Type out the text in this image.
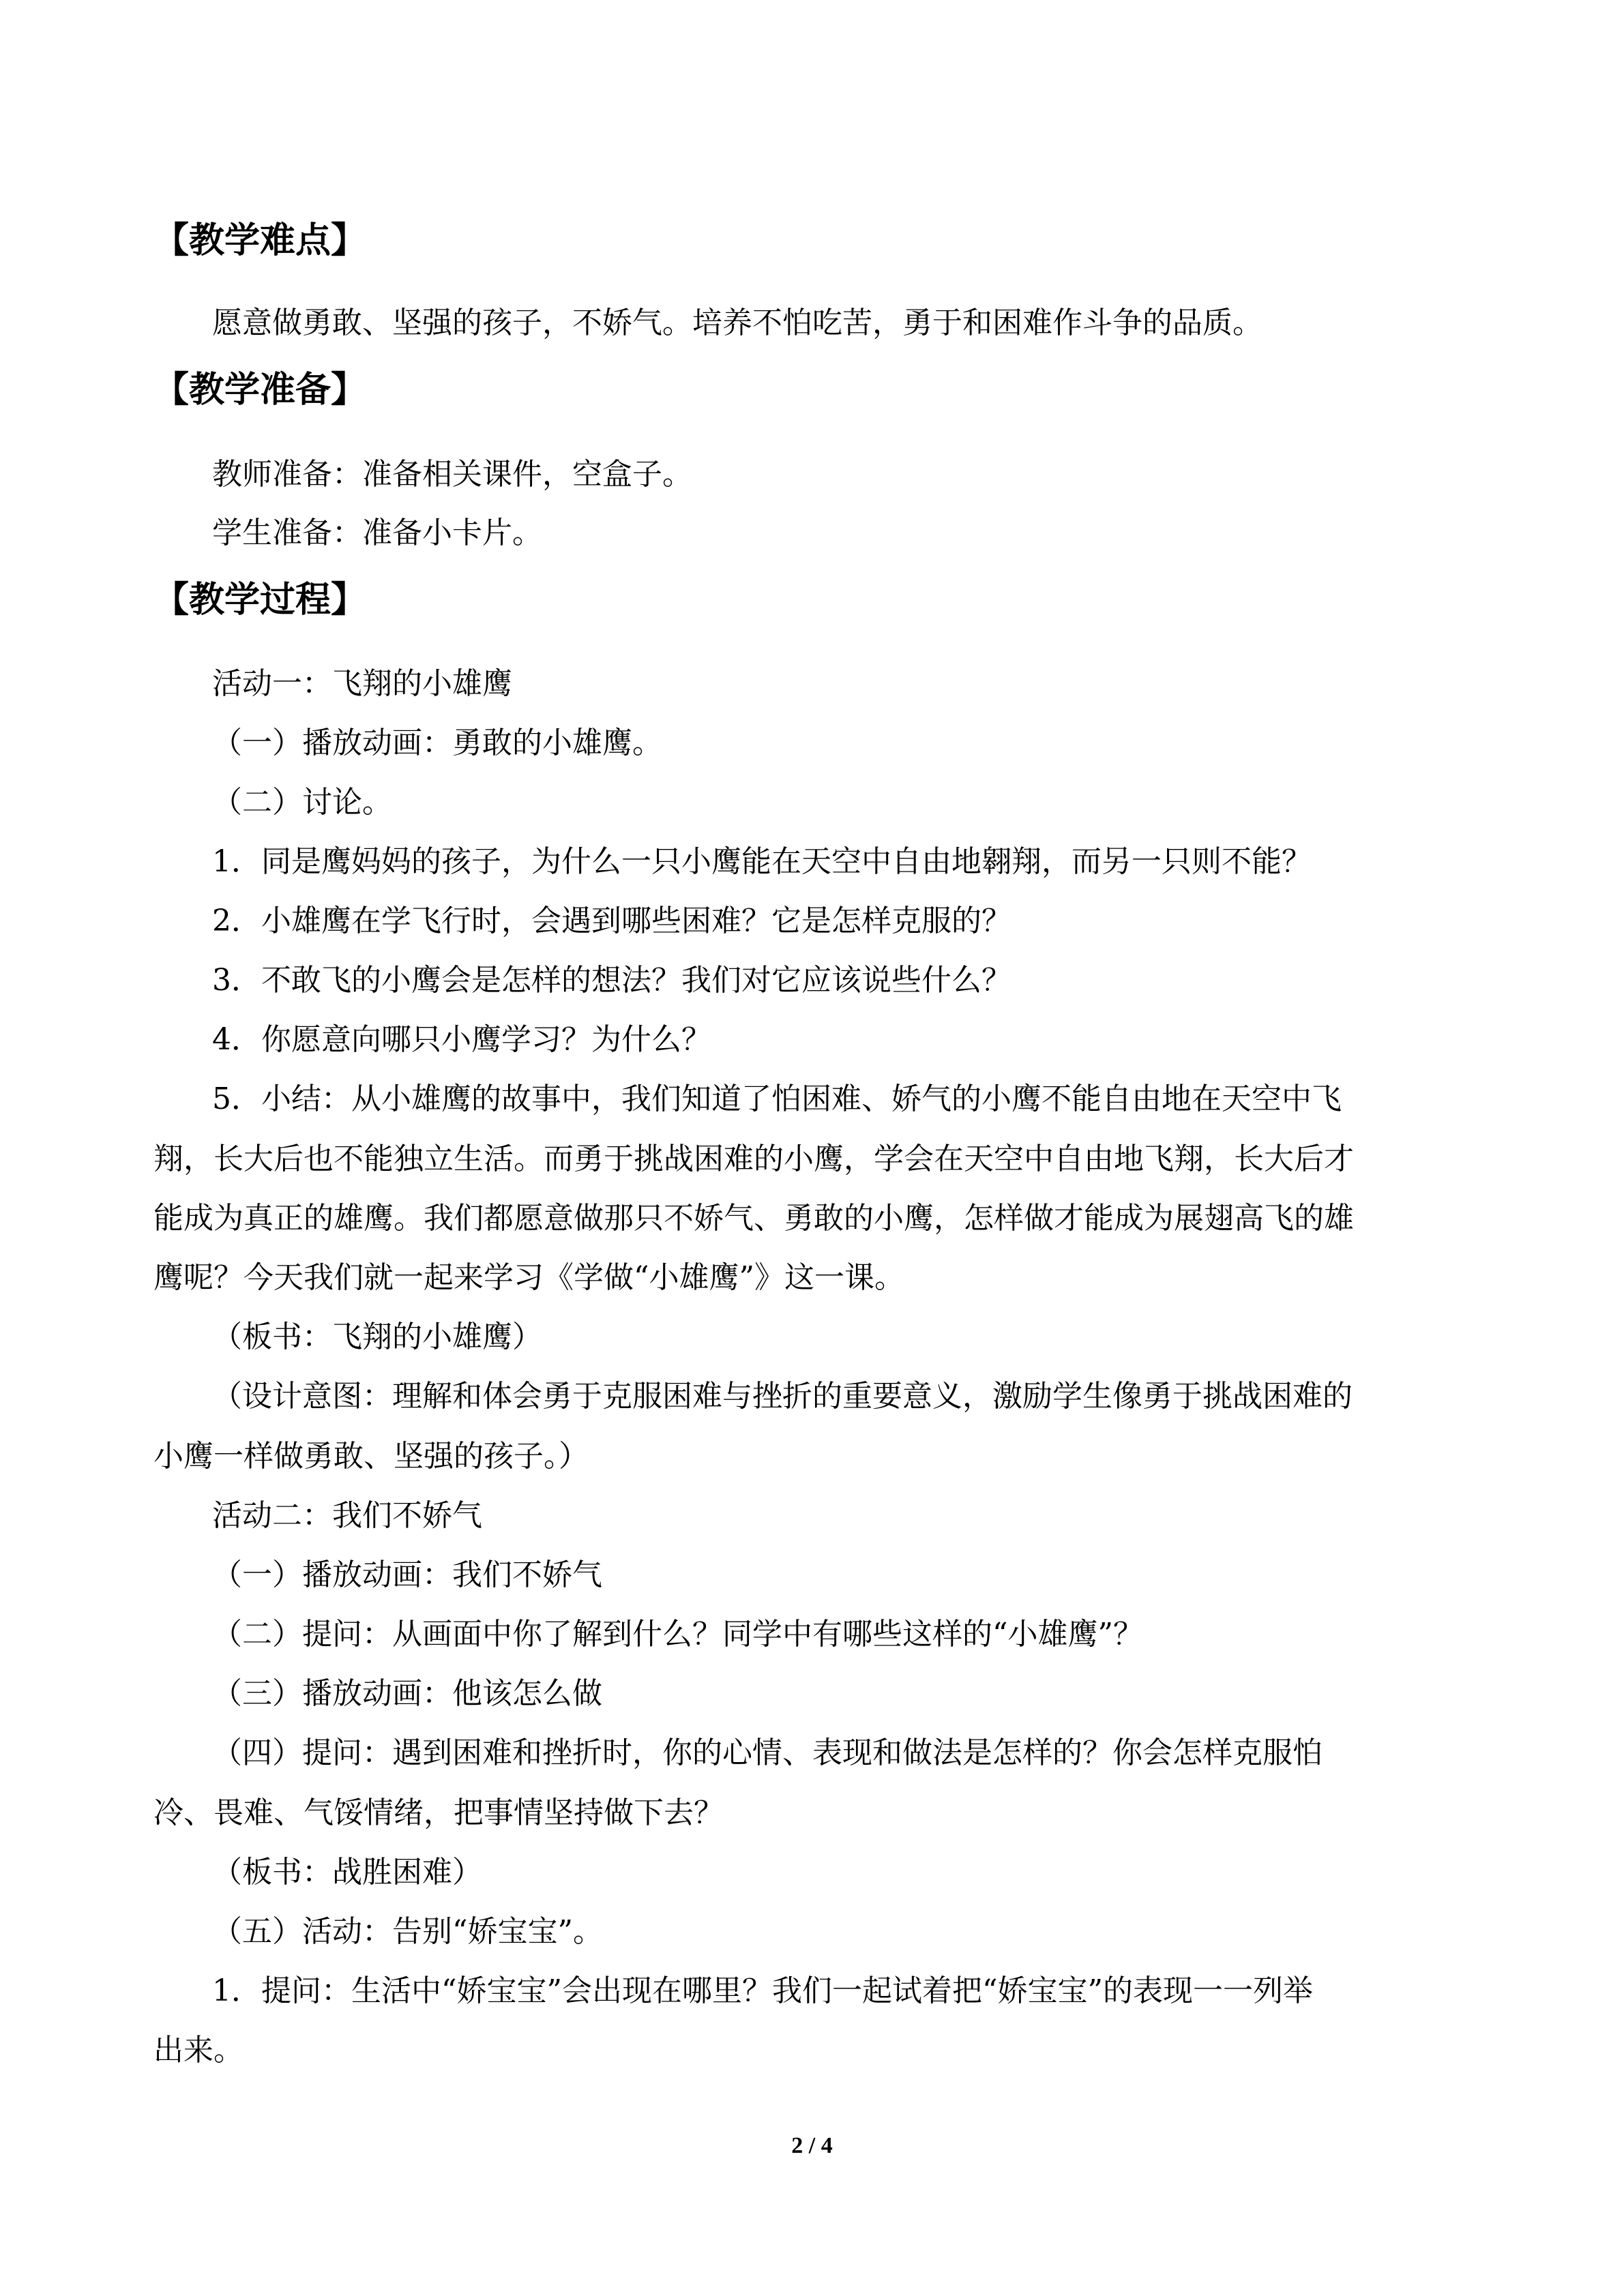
【教学难点】
愿意做勇敢、坚强的孩子，不娇气。培养不怕吃苦，勇于和困难作斗争的品质。
【教学准备】
教师准备：准备相关课件，空盒子。
学生准备：准备小卡片。
【教学过程】
活动一：飞翔的小雄鹰
（一）播放动画：勇敢的小雄鹰。
（二）讨论。
1．同是鹰妈妈的孩子，为什么一只小鹰能在天空中自由地翱翔，而另一只则不能？
2．小雄鹰在学飞行时，会遇到哪些困难？它是怎样克服的？
3．不敢飞的小鹰会是怎样的想法？我们对它应该说些什么？
4．你愿意向哪只小鹰学习？为什么？
5．小结：从小雄鹰的故事中，我们知道了怕困难、娇气的小鹰不能自由地在天空中飞
翔，长大后也不能独立生活。而勇于挑战困难的小鹰，学会在天空中自由地飞翔，长大后才
能成为真正的雄鹰。我们都愿意做那只不娇气、勇敢的小鹰，怎样做才能成为展翅高飞的雄
鹰呢？今天我们就一起来学习《学做“小雄鹰”》这一课。
（板书：飞翔的小雄鹰）
（设计意图：理解和体会勇于克服困难与挫折的重要意义，激励学生像勇于挑战困难的
小鹰一样做勇敢、坚强的孩子。）
活动二：我们不娇气
（一）播放动画：我们不娇气
（二）提问：从画面中你了解到什么？同学中有哪些这样的“小雄鹰”？
（三）播放动画：他该怎么做
（四）提问：遇到困难和挫折时，你的心情、表现和做法是怎样的？你会怎样克服怕
冷、畏难、气馁情绪，把事情坚持做下去？
（板书：战胜困难）
（五）活动：告别“娇宝宝”。
1．提问：生活中“娇宝宝”会出现在哪里？我们一起试着把“娇宝宝”的表现一一列举
出来。
2 / 4
